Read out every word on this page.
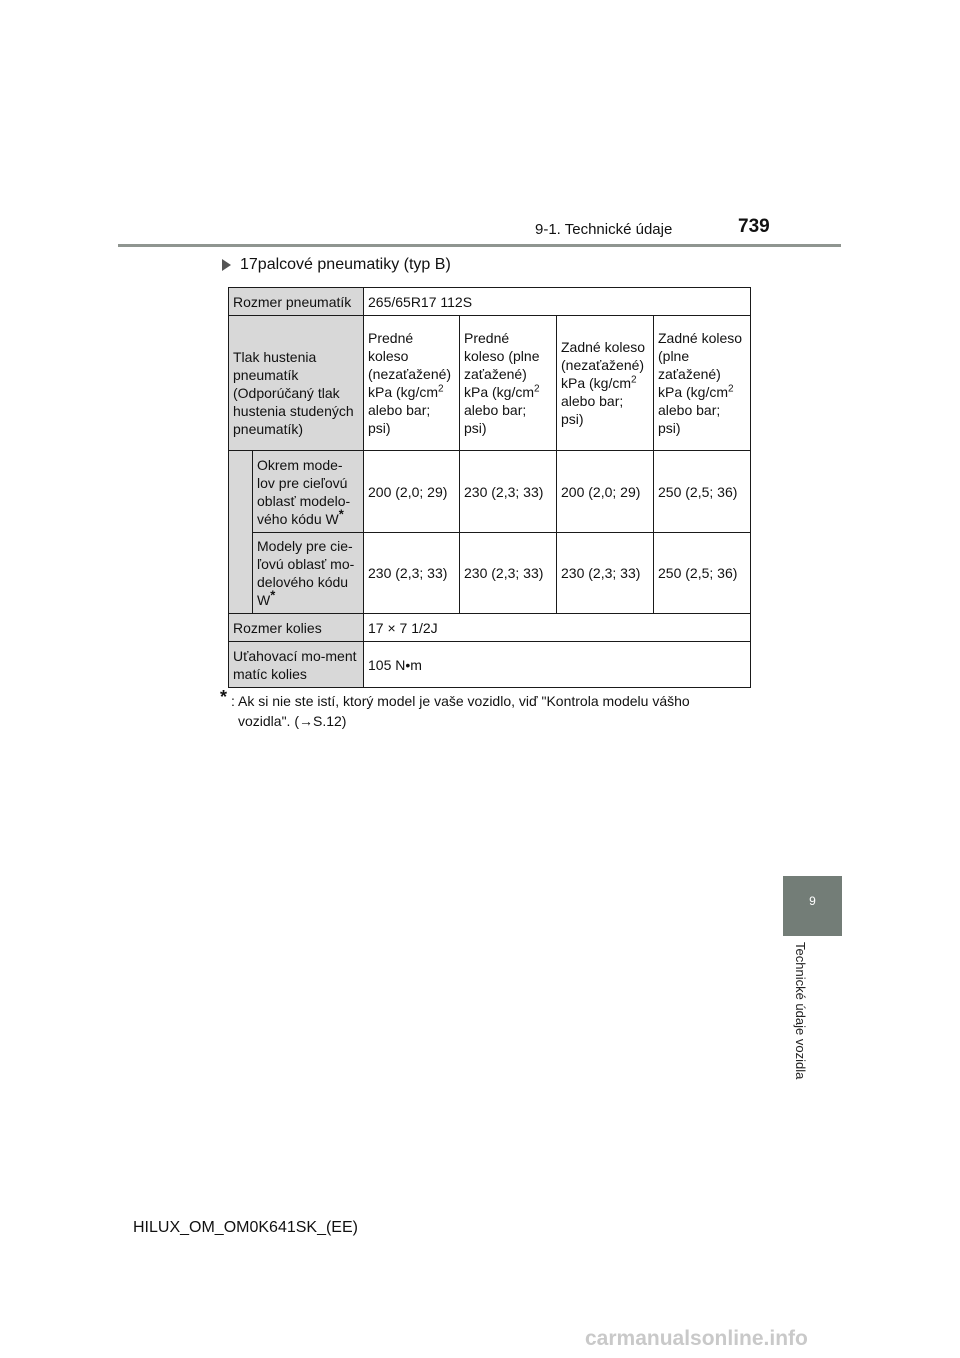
9-1. Technické údaje	739
17palcové pneumatiky (typ B)
Rozmer pneumatík		265/65R17 112S			
Tlak hustenia pneumatík (Odporúčaný tlak hustenia studených pneumatík)		Predné koleso (nezaťažené) kPa ($kg/cm^2$ alebo bar; psi)	Predné koleso (plne zaťažené) kPa ($kg/cm^2$ alebo bar; psi)	Zadné koleso (nezaťažené) kPa ($kg/cm^2$ alebo bar; psi)	Zadné koleso (plne zaťažené) kPa ($kg/cm^2$ alebo bar; psi)
	Okrem mode-lov pre cieľovú oblasť modelo-vého kódu W*	200 (2,0; 29)	230 (2,3; 33)	200 (2,0; 29)	250 (2,5; 36)
	Modely pre cie-ľovú oblasť mo-delového kódu W*	230 (2,3; 33)	230 (2,3; 33)	230 (2,3; 33)	250 (2,5; 36)
Rozmer kolies		17 × 7 1/2J			
Uťahovací mo-ment matíc kolies		105 N•m			
* : Ak si nie ste istí, ktorý model je vaše vozidlo, viď "Kontrola modelu vášho
vozidla". (→S.12)
9
Technické údaje vozidla
HILUX_OM_OM0K641SK_(EE)
carmanualsonline.info
